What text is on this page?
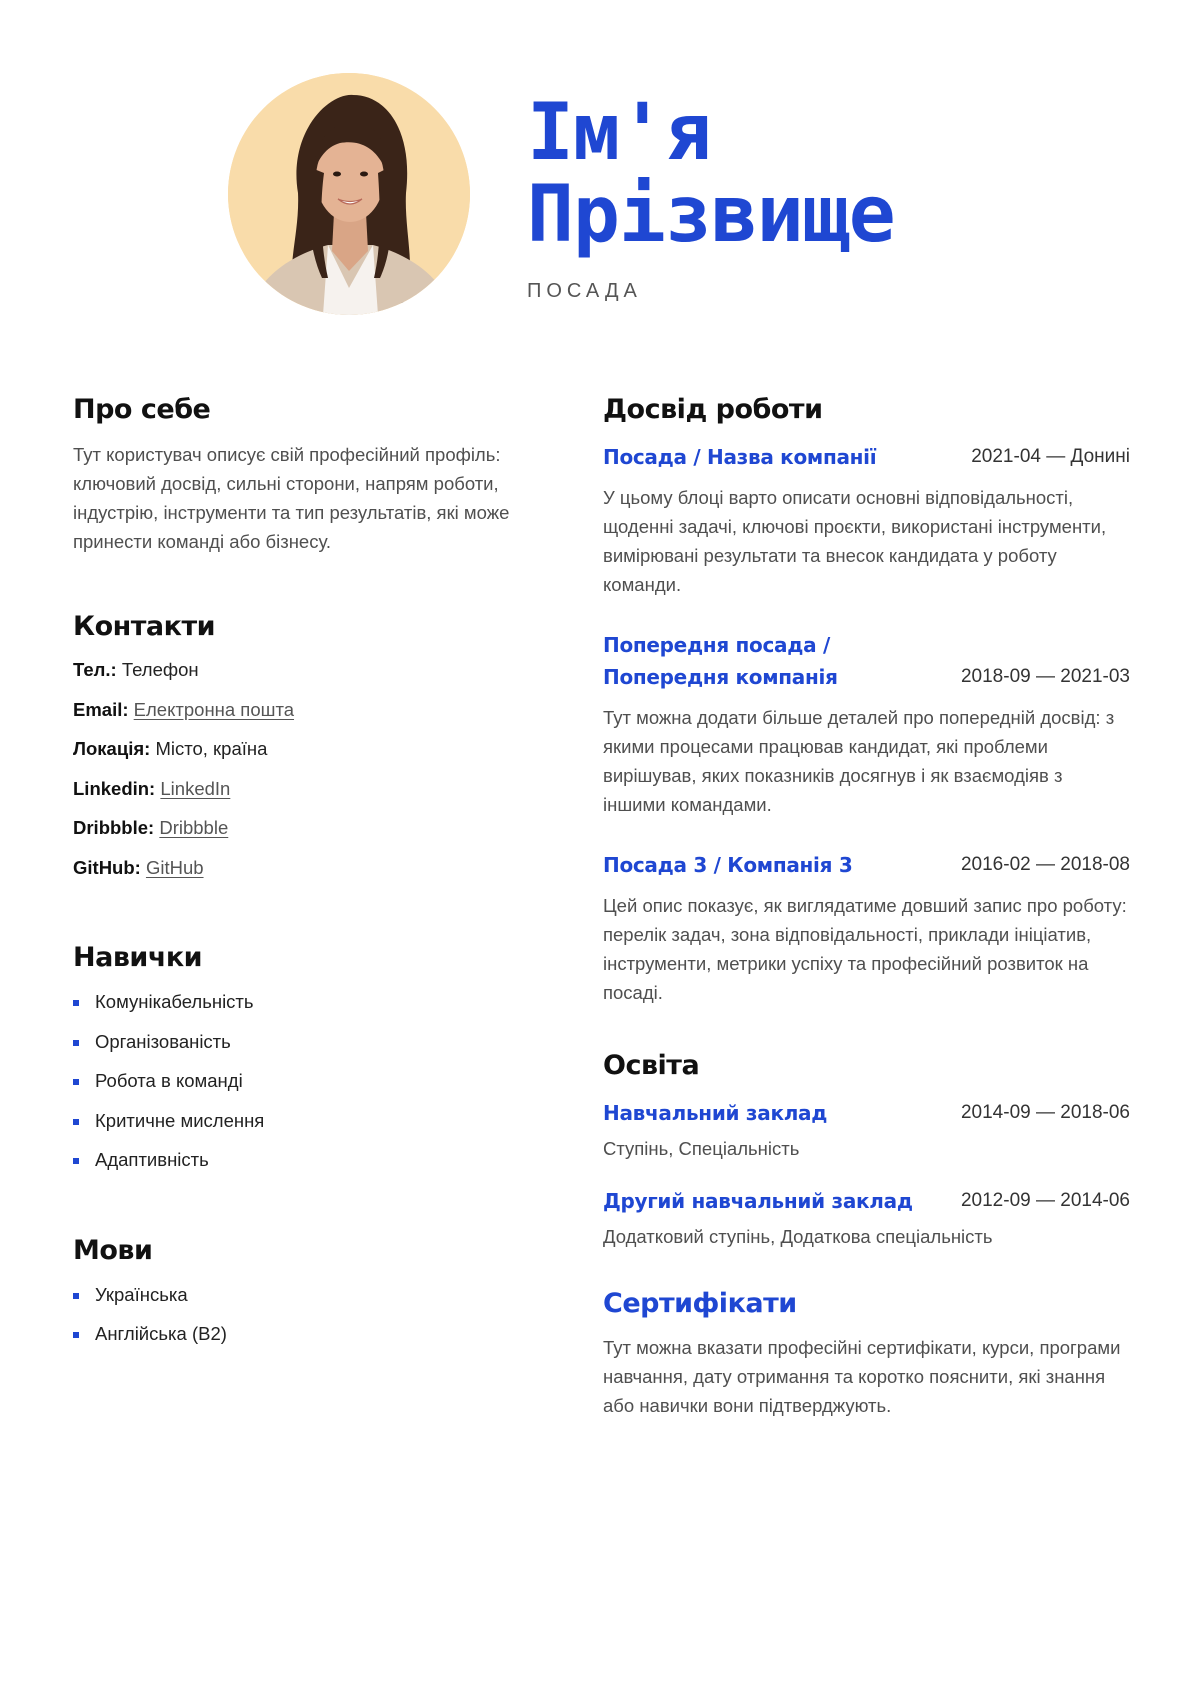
Ім'я
Прізвище
ПОСАДА
Про себе

Тут користувач описує свій професійний профіль: ключовий досвід, сильні сторони, напрям роботи, індустрію, інструменти та тип результатів, які може принести команді або бізнесу.

Контакти
Тел.: Телефон
Email: Електронна пошта
Локація: Місто, країна
Linkedin: LinkedIn
Dribbble: Dribbble
GitHub: GitHub
Навички
Комунікабельність
Організованість
Робота в команді
Критичне мислення
Адаптивність
Мови
Українська
Англійська (B2)
Досвід роботи
Посада / Назва компанії	2021-04 — Донині

У цьому блоці варто описати основні відповідальності, щоденні задачі, ключові проєкти, використані інструменти, вимірювані результати та внесок кандидата у роботу команди.

Попередня посада /
Попередня компанія	2018-09 — 2021-03

Тут можна додати більше деталей про попередній досвід: з якими процесами працював кандидат, які проблеми вирішував, яких показників досягнув і як взаємодіяв з іншими командами.

Посада 3 / Компанія 3	2016-02 — 2018-08

Цей опис показує, як виглядатиме довший запис про роботу: перелік задач, зона відповідальності, приклади ініціатив, інструменти, метрики успіху та професійний розвиток на посаді.

Освіта
Навчальний заклад	2014-09 — 2018-06
Ступінь, Спеціальність
Другий навчальний заклад	2012-09 — 2014-06
Додатковий ступінь, Додаткова спеціальність
Сертифікати

Тут можна вказати професійні сертифікати, курси, програми навчання, дату отримання та коротко пояснити, які знання або навички вони підтверджують.
